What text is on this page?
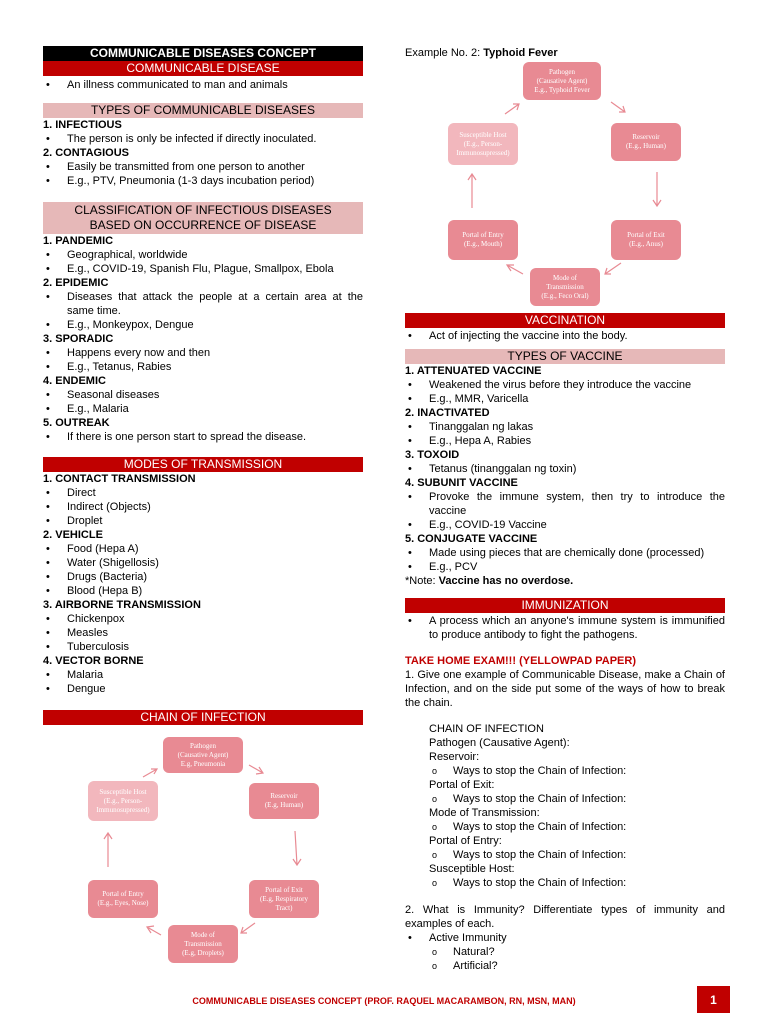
COMMUNICABLE DISEASES CONCEPT
COMMUNICABLE DISEASE
• An illness communicated to man and animals
TYPES OF COMMUNICABLE DISEASES
1. INFECTIOUS
• The person is only be infected if directly inoculated.
2. CONTAGIOUS
• Easily be transmitted from one person to another
• E.g., PTV, Pneumonia (1-3 days incubation period)
CLASSIFICATION OF INFECTIOUS DISEASES
BASED ON OCCURRENCE OF DISEASE
1. PANDEMIC
• Geographical, worldwide
• E.g., COVID-19, Spanish Flu, Plague, Smallpox, Ebola
2. EPIDEMIC
• Diseases that attack the people at a certain area at the same time.
• E.g., Monkeypox, Dengue
3. SPORADIC
• Happens every now and then
• E.g., Tetanus, Rabies
4. ENDEMIC
• Seasonal diseases
• E.g., Malaria
5. OUTREAK
• If there is one person start to spread the disease.
MODES OF TRANSMISSION
1. CONTACT TRANSMISSION
• Direct
• Indirect (Objects)
• Droplet
2. VEHICLE
• Food (Hepa A)
• Water (Shigellosis)
• Drugs (Bacteria)
• Blood (Hepa B)
3. AIRBORNE TRANSMISSION
• Chickenpox
• Measles
• Tuberculosis
4. VECTOR BORNE
• Malaria
• Dengue
CHAIN OF INFECTION
Pathogen
(Causative Agent)
E.g, Pneumonia
Reservoir
(E.g, Human)
Portal of Exit
(E.g, Respiratory
Tract)
Mode of
Transmission
(E.g, Droplets)
Portal of Entry
(E.g., Eyes, Nose)
Susceptible Host
(E.g., Person-
Immunosupressed)
Example No. 2: Typhoid Fever
Pathogen
(Causative Agent)
E.g., Typhoid Fever
Reservoir
(E.g., Human)
Portal of Exit
(E.g., Anus)
Mode of
Transmission
(E.g., Feco Oral)
Portal of Entry
(E.g., Mouth)
Susceptible Host
(E.g., Person-
Immunosupressed)
VACCINATION
• Act of injecting the vaccine into the body.
TYPES OF VACCINE
1. ATTENUATED VACCINE
• Weakened the virus before they introduce the vaccine
• E.g., MMR, Varicella
2. INACTIVATED
• Tinanggalan ng lakas
• E.g., Hepa A, Rabies
3. TOXOID
• Tetanus (tinanggalan ng toxin)
4. SUBUNIT VACCINE
• Provoke the immune system, then try to introduce the vaccine
• E.g., COVID-19 Vaccine
5. CONJUGATE VACCINE
• Made using pieces that are chemically done (processed)
• E.g., PCV
*Note: Vaccine has no overdose.
IMMUNIZATION
• A process which an anyone's immune system is immunified to produce antibody to fight the pathogens.
TAKE HOME EXAM!!! (YELLOWPAD PAPER)
1. Give one example of Communicable Disease, make a Chain of Infection, and on the side put some of the ways of how to break the chain.
CHAIN OF INFECTION
Pathogen (Causative Agent):
Reservoir:
o Ways to stop the Chain of Infection:
Portal of Exit:
o Ways to stop the Chain of Infection:
Mode of Transmission:
o Ways to stop the Chain of Infection:
Portal of Entry:
o Ways to stop the Chain of Infection:
Susceptible Host:
o Ways to stop the Chain of Infection:
2. What is Immunity? Differentiate types of immunity and examples of each.
• Active Immunity
o Natural?
o Artificial?
COMMUNICABLE DISEASES CONCEPT (PROF. RAQUEL MACARAMBON, RN, MSN, MAN)	1
